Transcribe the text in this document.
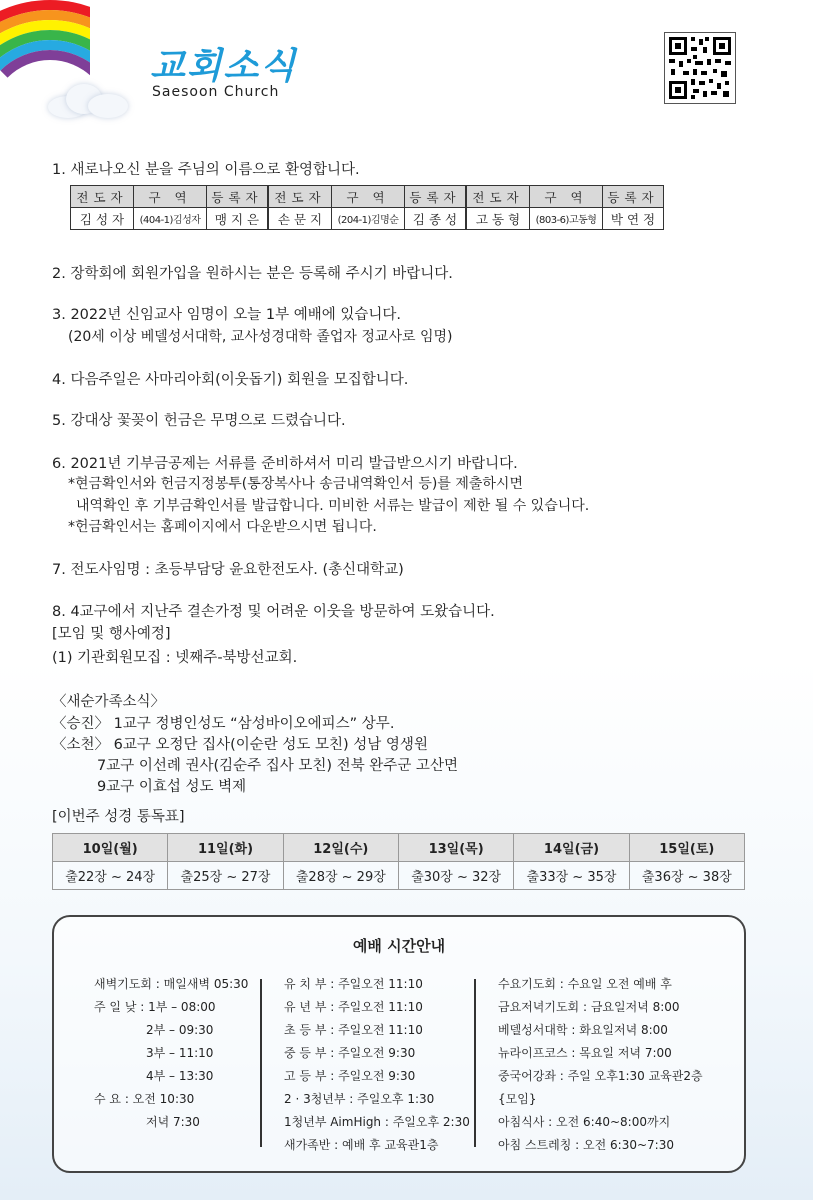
교회소식
Saesoon Church
1. 새로나오신 분을 주님의 이름으로 환영합니다.
전도자	구 역	등록자
김 성 자	(404-1)김성자	맹 지 은
전도자	구 역	등록자
손 문 지	(204-1)김명순	김 종 성
전도자	구 역	등록자
고 동 형	(803-6)고동형	박 연 정
2. 장학회에 회원가입을 원하시는 분은 등록해 주시기 바랍니다.
3. 2022년 신임교사 임명이 오늘 1부 예배에 있습니다.
(20세 이상 베델성서대학, 교사성경대학 졸업자 정교사로 임명)
4. 다음주일은 사마리아회(이웃돕기) 회원을 모집합니다.
5. 강대상 꽃꽂이 헌금은 무명으로 드렸습니다.
6. 2021년 기부금공제는 서류를 준비하셔서 미리 발급받으시기 바랍니다.
*현금확인서와 헌금지정봉투(통장복사나 송금내역확인서 등)를 제출하시면
내역확인 후 기부금확인서를 발급합니다. 미비한 서류는 발급이 제한 될 수 있습니다.
*헌금확인서는 홈페이지에서 다운받으시면 됩니다.
7. 전도사임명 : 초등부담당 윤요한전도사. (총신대학교)
8. 4교구에서 지난주 결손가정 및 어려운 이웃을 방문하여 도왔습니다.
[모임 및 행사예정]
(1) 기관회원모집 : 넷째주-북방선교회.
〈새순가족소식〉
〈승진〉 1교구 정병인성도 “삼성바이오에피스” 상무.
〈소천〉 6교구 오정단 집사(이순란 성도 모친) 성남 영생원
7교구 이선례 권사(김순주 집사 모친) 전북 완주군 고산면
9교구 이효섭 성도 벽제
[이번주 성경 통독표]
10일(월)	11일(화)	12일(수)	13일(목)	14일(금)	15일(토)
출22장 ~ 24장	출25장 ~ 27장	출28장 ~ 29장	출30장 ~ 32장	출33장 ~ 35장	출36장 ~ 38장
예배 시간안내
새벽기도회 : 매일새벽 05:30
주 일 낮 : 1부 – 08:00
2부 – 09:30
3부 – 11:10
4부 – 13:30
수 요 : 오전 10:30
저녁 7:30
유 치 부 : 주일오전 11:10
유 년 부 : 주일오전 11:10
초 등 부 : 주일오전 11:10
중 등 부 : 주일오전 9:30
고 등 부 : 주일오전 9:30
2 · 3청년부 : 주일오후 1:30
1청년부 AimHigh : 주일오후 2:30
새가족반 : 예배 후 교육관1층
수요기도회 : 수요일 오전 예배 후
금요저녁기도회 : 금요일저녁 8:00
베델성서대학 : 화요일저녁 8:00
뉴라이프코스 : 목요일 저녁 7:00
중국어강좌 : 주일 오후1:30 교육관2층
{모임}
아침식사 : 오전 6:40~8:00까지
아침 스트레칭 : 오전 6:30~7:30
